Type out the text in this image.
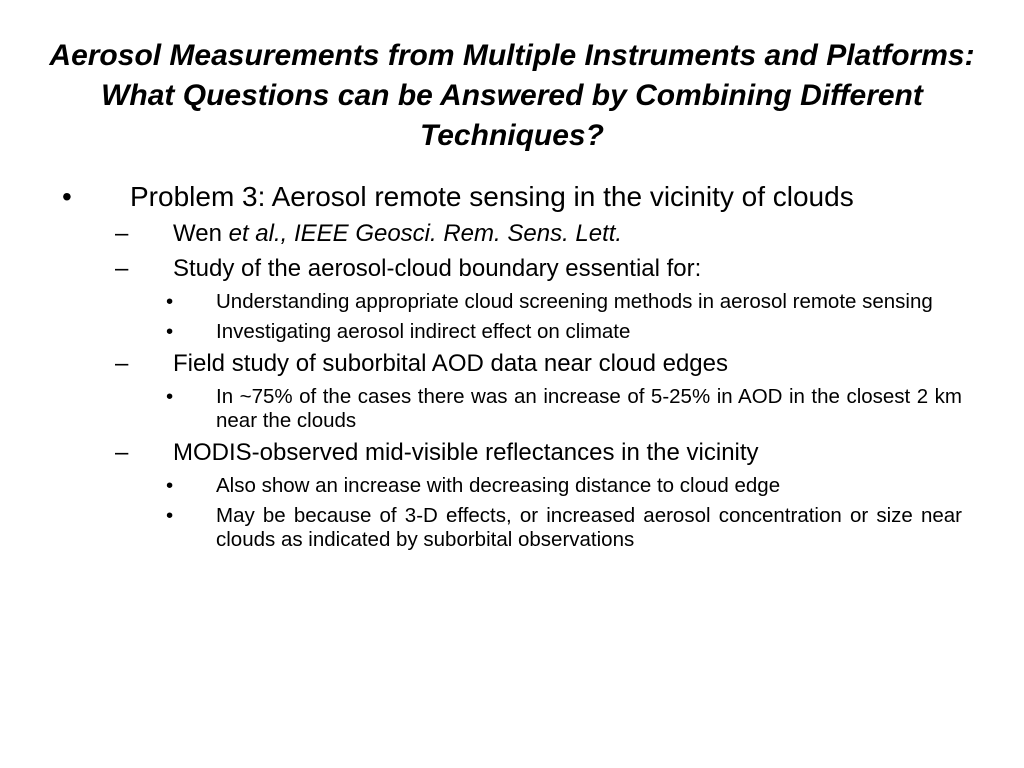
Aerosol Measurements from Multiple Instruments and Platforms: What Questions can be Answered by Combining Different Techniques?
• Problem 3: Aerosol remote sensing in the vicinity of clouds
– Wen et al., IEEE Geosci. Rem. Sens. Lett.
– Study of the aerosol-cloud boundary essential for:
• Understanding appropriate cloud screening methods in aerosol remote sensing
• Investigating aerosol indirect effect on climate
– Field study of suborbital AOD data near cloud edges
• In ~75% of the cases there was an increase of 5-25% in AOD in the closest 2 km near the clouds
– MODIS-observed mid-visible reflectances in the vicinity
• Also show an increase with decreasing distance to cloud edge
• May be because of 3-D effects, or increased aerosol concentration or size near clouds as indicated by suborbital observations
